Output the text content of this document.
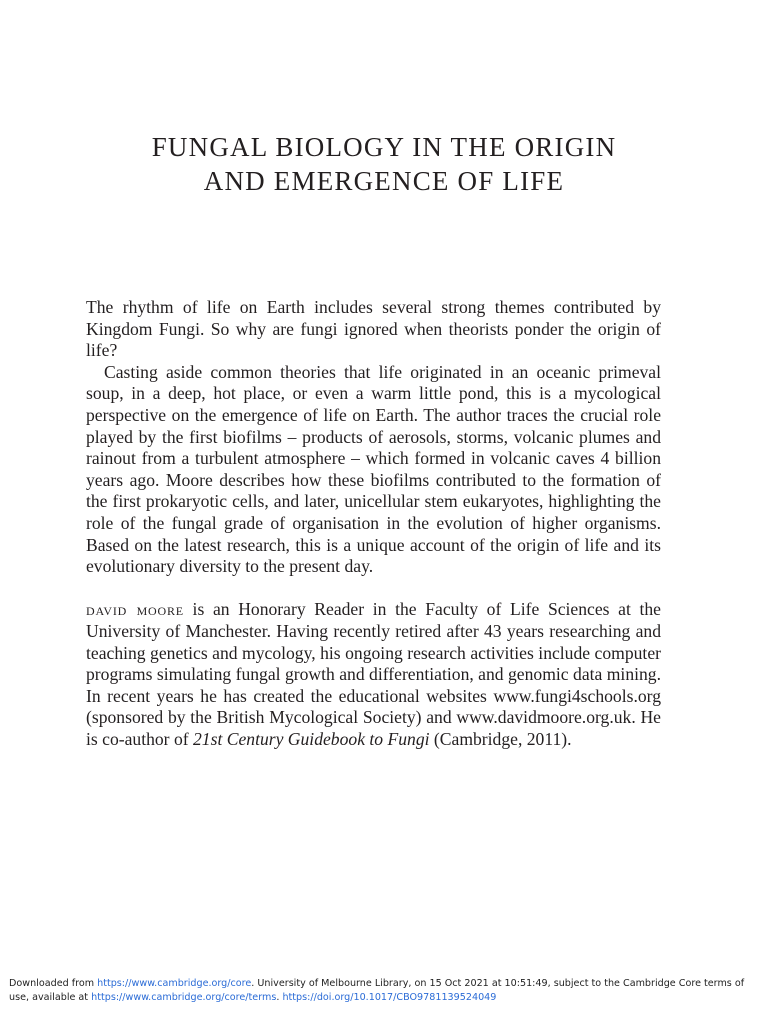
FUNGAL BIOLOGY IN THE ORIGIN
AND EMERGENCE OF LIFE

The rhythm of life on Earth includes several strong themes contributed by Kingdom Fungi. So why are fungi ignored when theorists ponder the origin of life?

Casting aside common theories that life originated in an oceanic primeval soup, in a deep, hot place, or even a warm little pond, this is a mycological perspective on the emergence of life on Earth. The author traces the crucial role played by the first biofilms – products of aerosols, storms, volcanic plumes and rainout from a turbulent atmosphere – which formed in volcanic caves 4 billion years ago. Moore describes how these biofilms contributed to the formation of the first prokaryotic cells, and later, unicellular stem eukaryotes, highlighting the role of the fungal grade of organisation in the evolution of higher organisms. Based on the latest research, this is a unique account of the origin of life and its evolutionary diversity to the present day.

david moore is an Honorary Reader in the Faculty of Life Sciences at the University of Manchester. Having recently retired after 43 years researching and teaching genetics and mycology, his ongoing research activities include computer programs simulating fungal growth and differentiation, and genomic data mining. In recent years he has created the educational websites www.fungi4schools.org (sponsored by the British Mycological Society) and www.davidmoore.org.uk. He is co-author of 21st Century Guidebook to Fungi (Cambridge, 2011).

Downloaded from https://www.cambridge.org/core. University of Melbourne Library, on 15 Oct 2021 at 10:51:49, subject to the Cambridge Core terms of use, available at https://www.cambridge.org/core/terms. https://doi.org/10.1017/CBO9781139524049
